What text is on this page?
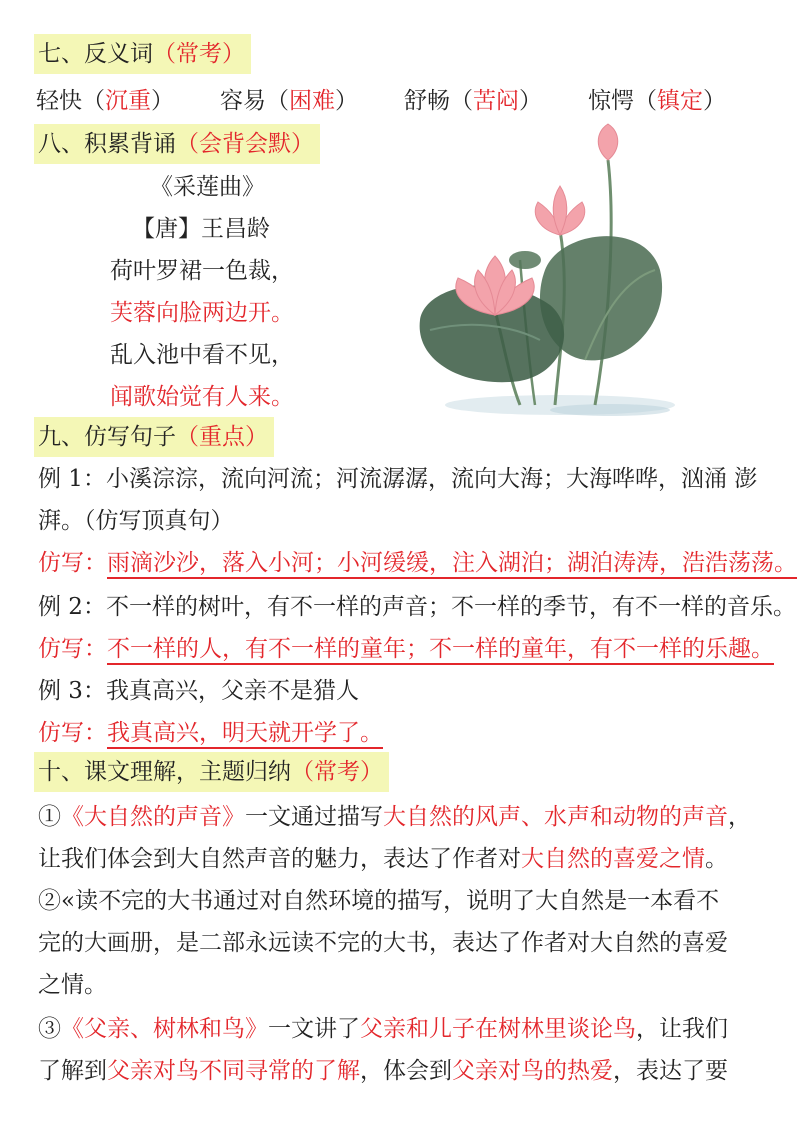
七、反义词（常考）
轻快（沉重） 容易（困难） 舒畅（苦闷） 惊愕（镇定）
八、积累背诵（会背会默）
《采莲曲》
【唐】王昌龄
荷叶罗裙一色裁，
芙蓉向脸两边开。
乱入池中看不见，
闻歌始觉有人来。
九、仿写句子（重点）
例 1：小溪淙淙，流向河流；河流潺潺，流向大海；大海哗哗，汹涌 澎
湃。（仿写顶真句）
仿写：雨滴沙沙，落入小河；小河缓缓，注入湖泊；湖泊涛涛，浩浩荡荡。
例 2：不一样的树叶，有不一样的声音；不一样的季节，有不一样的音乐。
仿写：不一样的人，有不一样的童年；不一样的童年，有不一样的乐趣。
例 3：我真高兴，父亲不是猎人
仿写：我真高兴，明天就开学了。
十、课文理解，主题归纳（常考）
①《大自然的声音》一文通过描写大自然的风声、水声和动物的声音，
让我们体会到大自然声音的魅力，表达了作者对大自然的喜爱之情。
②«读不完的大书通过对自然环境的描写，说明了大自然是一本看不
完的大画册，是二部永远读不完的大书，表达了作者对大自然的喜爱
之情。
③《父亲、树林和鸟》一文讲了父亲和儿子在树林里谈论鸟，让我们
了解到父亲对鸟不同寻常的了解，体会到父亲对鸟的热爱，表达了要
